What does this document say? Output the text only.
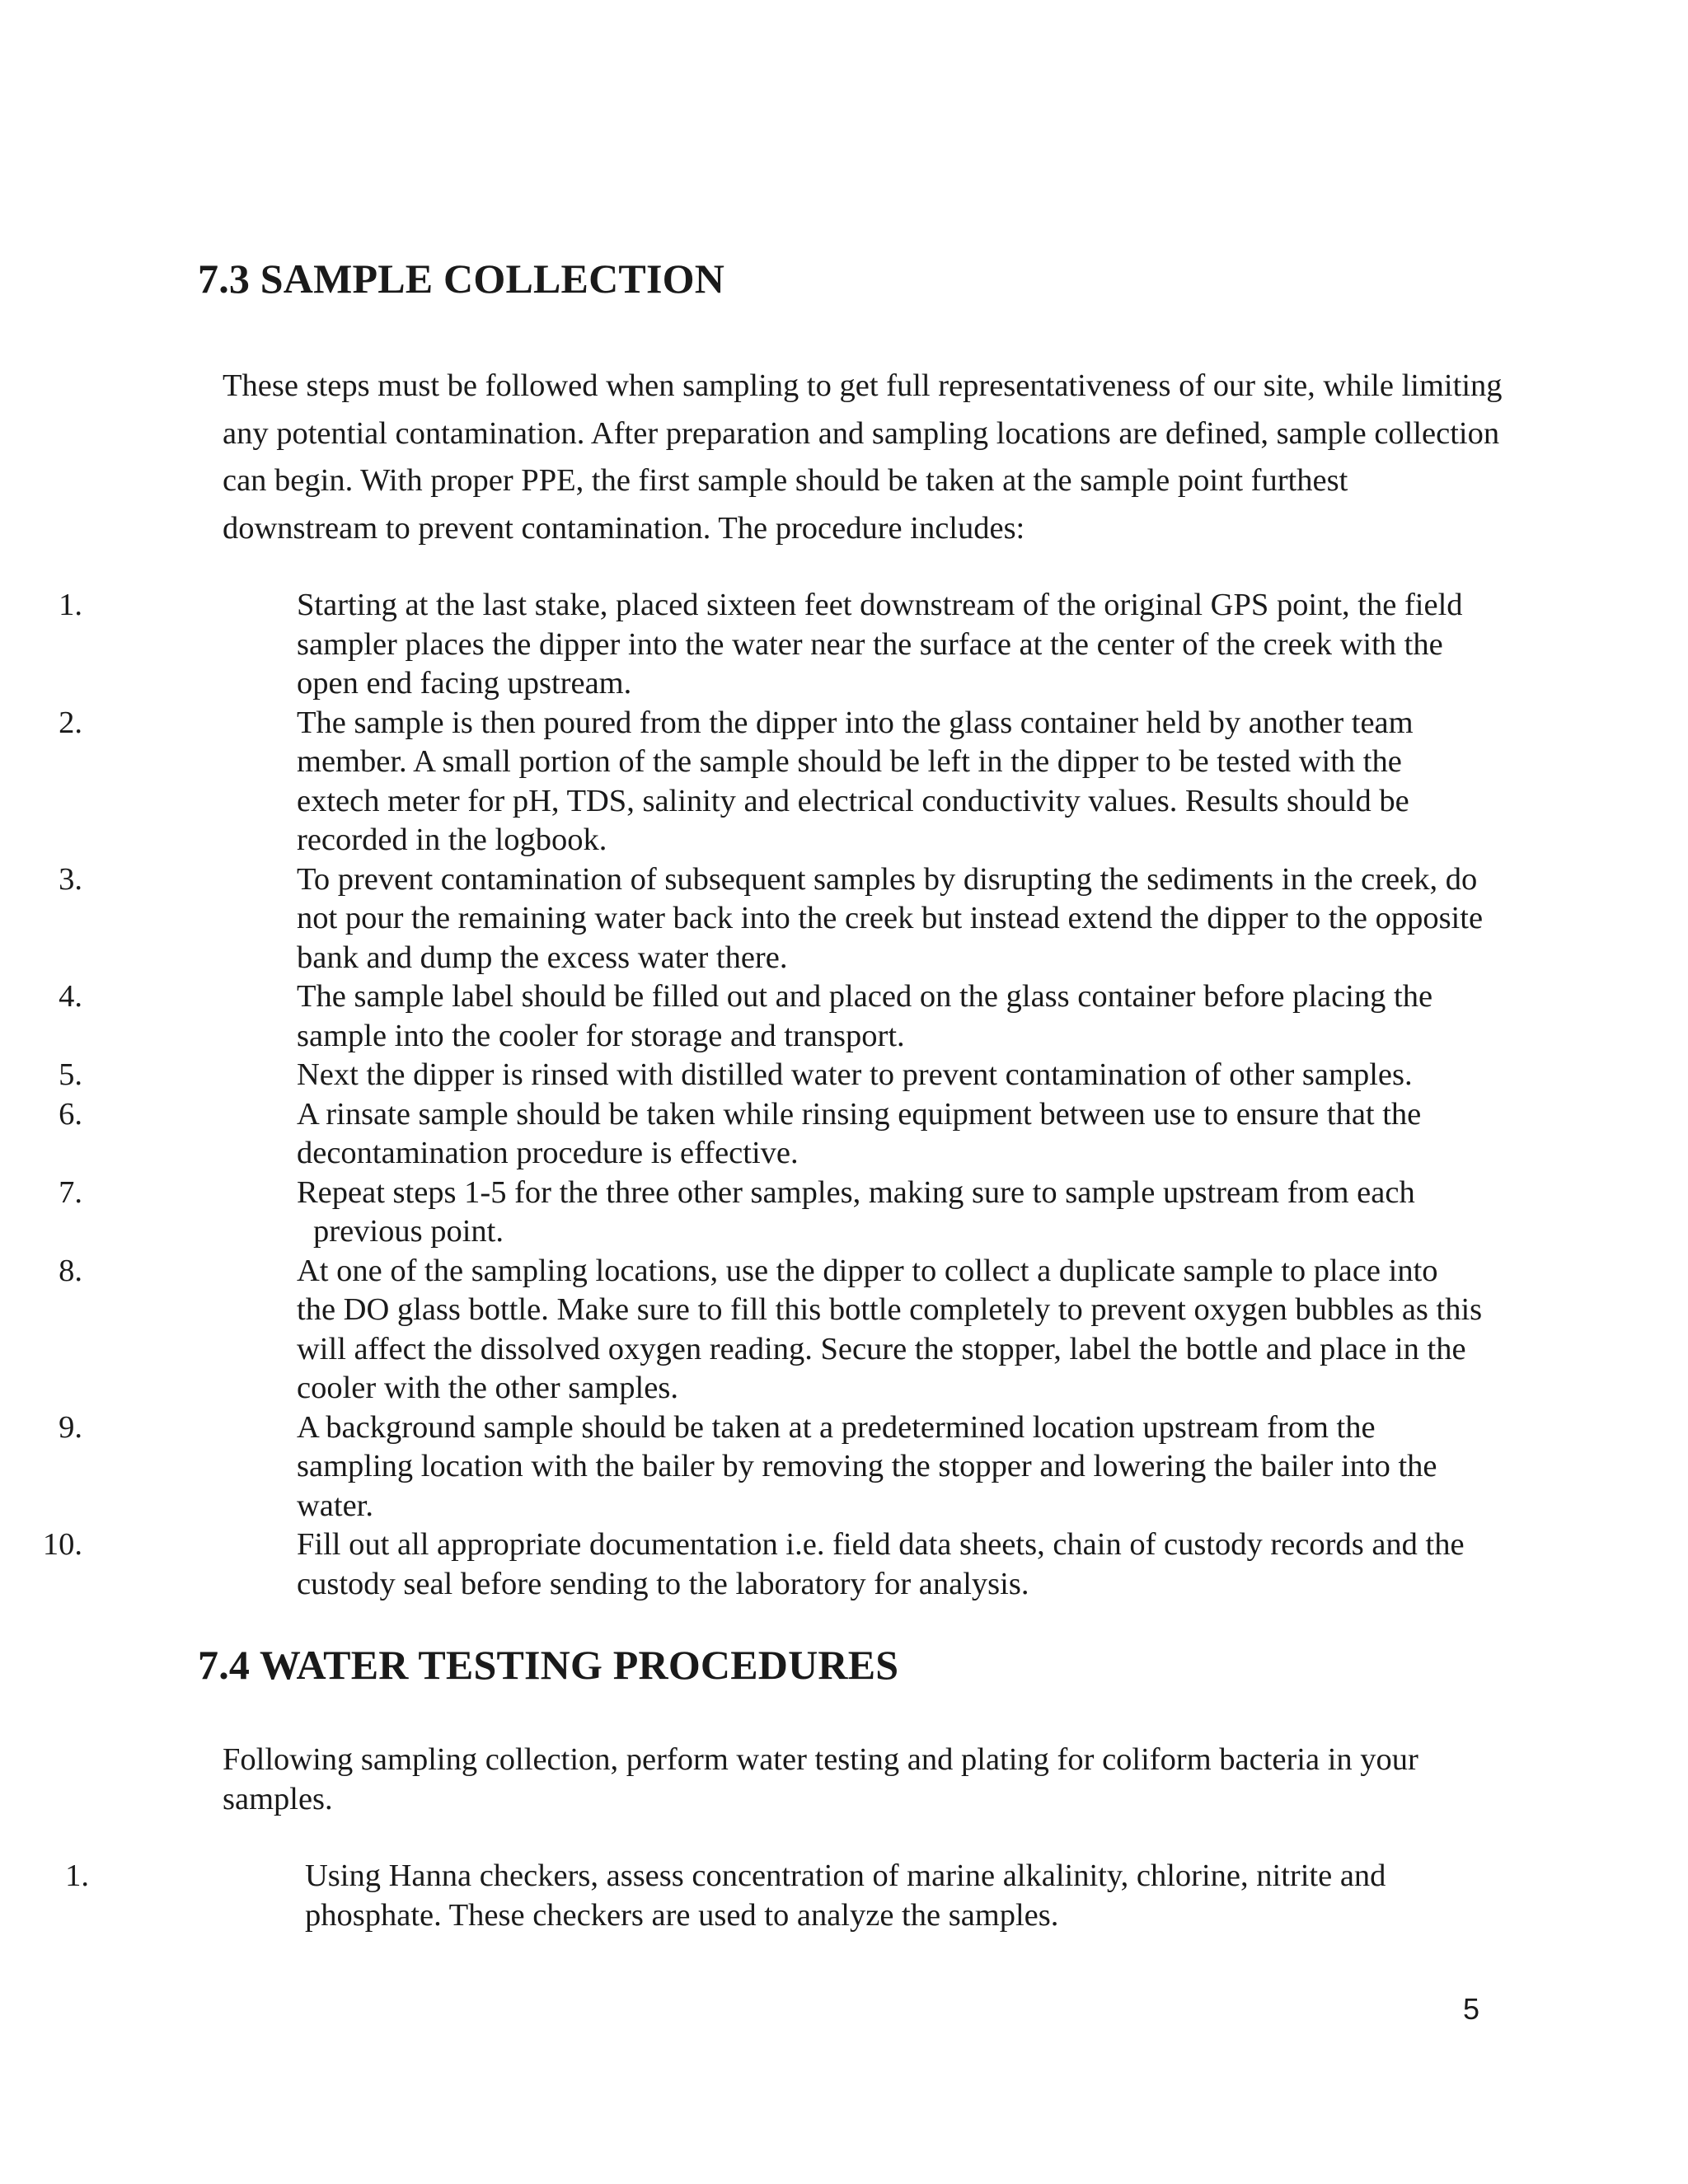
7.3 SAMPLE COLLECTION

These steps must be followed when sampling to get full representativeness of our site, while limiting any potential contamination. After preparation and sampling locations are defined, sample collection can begin. With proper PPE, the first sample should be taken at the sample point furthest downstream to prevent contamination. The procedure includes:

1.	Starting at the last stake, placed sixteen feet downstream of the original GPS point, the field sampler places the dipper into the water near the surface at the center of the creek with the open end facing upstream.
2.	The sample is then poured from the dipper into the glass container held by another team member. A small portion of the sample should be left in the dipper to be tested with the extech meter for pH, TDS, salinity and electrical conductivity values. Results should be recorded in the logbook.
3.	To prevent contamination of subsequent samples by disrupting the sediments in the creek, do not pour the remaining water back into the creek but instead extend the dipper to the opposite bank and dump the excess water there.
4.	The sample label should be filled out and placed on the glass container before placing the sample into the cooler for storage and transport.
5.	Next the dipper is rinsed with distilled water to prevent contamination of other samples.
6.	A rinsate sample should be taken while rinsing equipment between use to ensure that the decontamination procedure is effective.
7.	Repeat steps 1-5 for the three other samples, making sure to sample upstream from each
previous point.
8.	At one of the sampling locations, use the dipper to collect a duplicate sample to place into the DO glass bottle. Make sure to fill this bottle completely to prevent oxygen bubbles as this will affect the dissolved oxygen reading. Secure the stopper, label the bottle and place in the cooler with the other samples.
9.	A background sample should be taken at a predetermined location upstream from the sampling location with the bailer by removing the stopper and lowering the bailer into the water.
10.	Fill out all appropriate documentation i.e. field data sheets, chain of custody records and the custody seal before sending to the laboratory for analysis.
7.4 WATER TESTING PROCEDURES

Following sampling collection, perform water testing and plating for coliform bacteria in your samples.

1.	Using Hanna checkers, assess concentration of marine alkalinity, chlorine, nitrite and phosphate. These checkers are used to analyze the samples.
5
